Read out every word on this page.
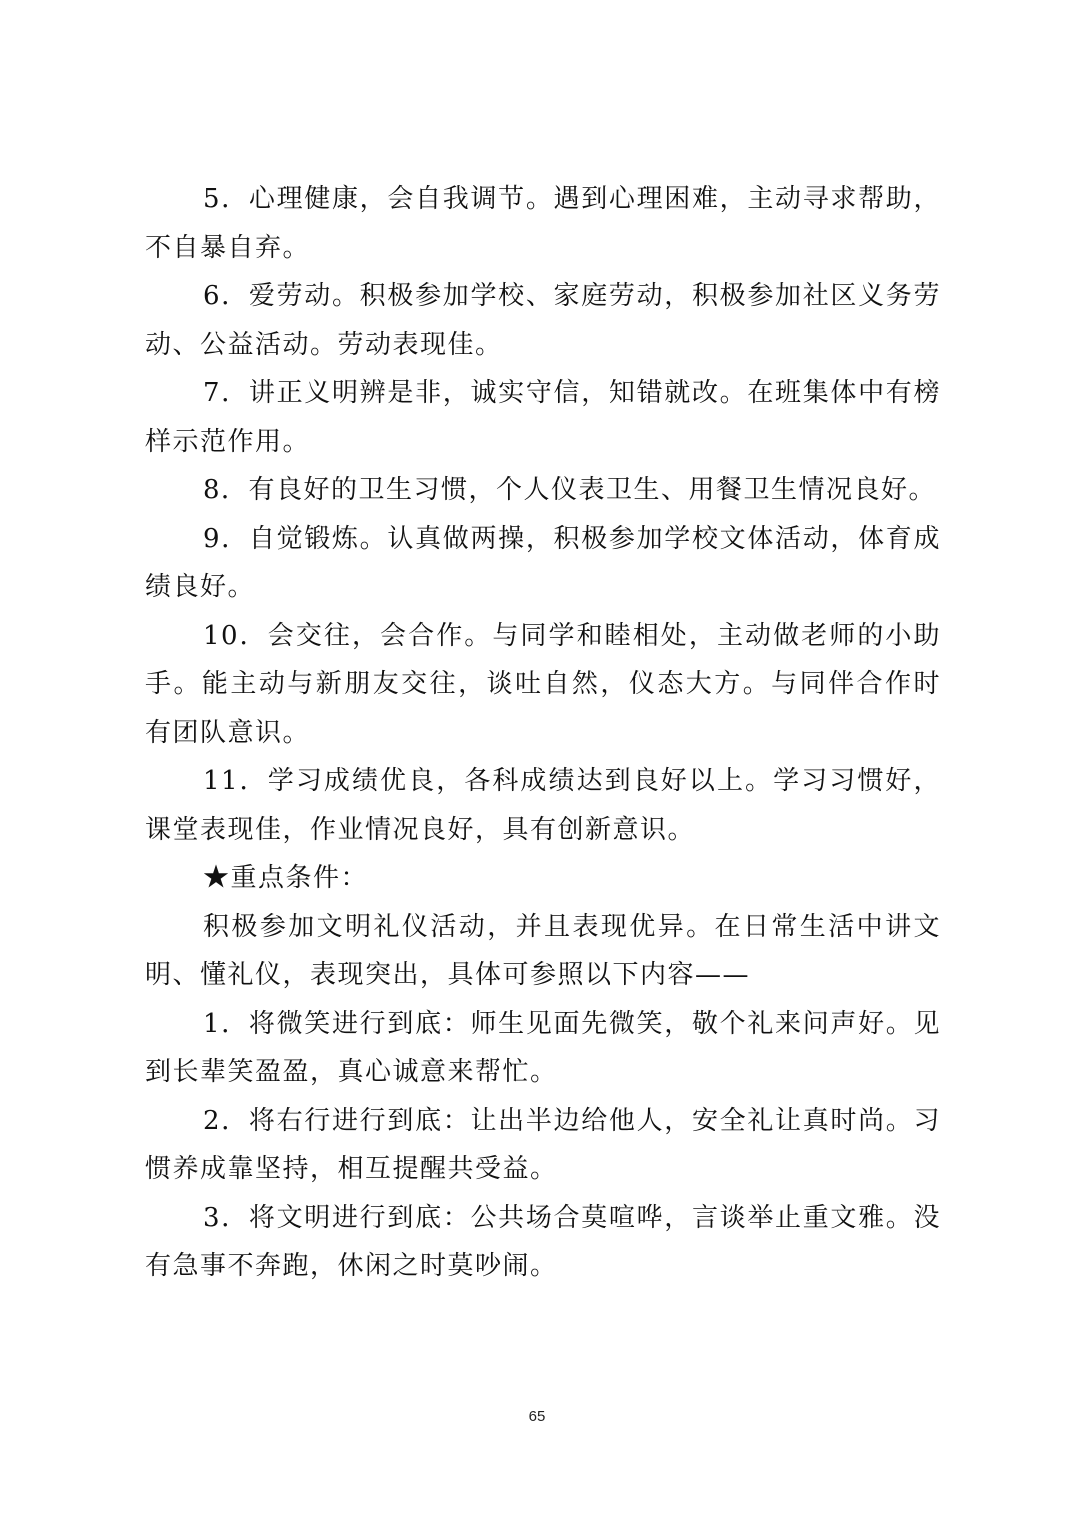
5．心理健康，会自我调节。遇到心理困难，主动寻求帮助，不自暴自弃。

6．爱劳动。积极参加学校、家庭劳动，积极参加社区义务劳动、公益活动。劳动表现佳。

7．讲正义明辨是非，诚实守信，知错就改。在班集体中有榜样示范作用。

8．有良好的卫生习惯，个人仪表卫生、用餐卫生情况良好。

9．自觉锻炼。认真做两操，积极参加学校文体活动，体育成绩良好。

10．会交往，会合作。与同学和睦相处，主动做老师的小助手。能主动与新朋友交往，谈吐自然，仪态大方。与同伴合作时有团队意识。

11．学习成绩优良，各科成绩达到良好以上。学习习惯好，课堂表现佳，作业情况良好，具有创新意识。

★重点条件：

积极参加文明礼仪活动，并且表现优异。在日常生活中讲文明、懂礼仪，表现突出，具体可参照以下内容——

1．将微笑进行到底：师生见面先微笑，敬个礼来问声好。见到长辈笑盈盈，真心诚意来帮忙。

2．将右行进行到底：让出半边给他人，安全礼让真时尚。习惯养成靠坚持，相互提醒共受益。

3．将文明进行到底：公共场合莫喧哗，言谈举止重文雅。没有急事不奔跑，休闲之时莫吵闹。

65
